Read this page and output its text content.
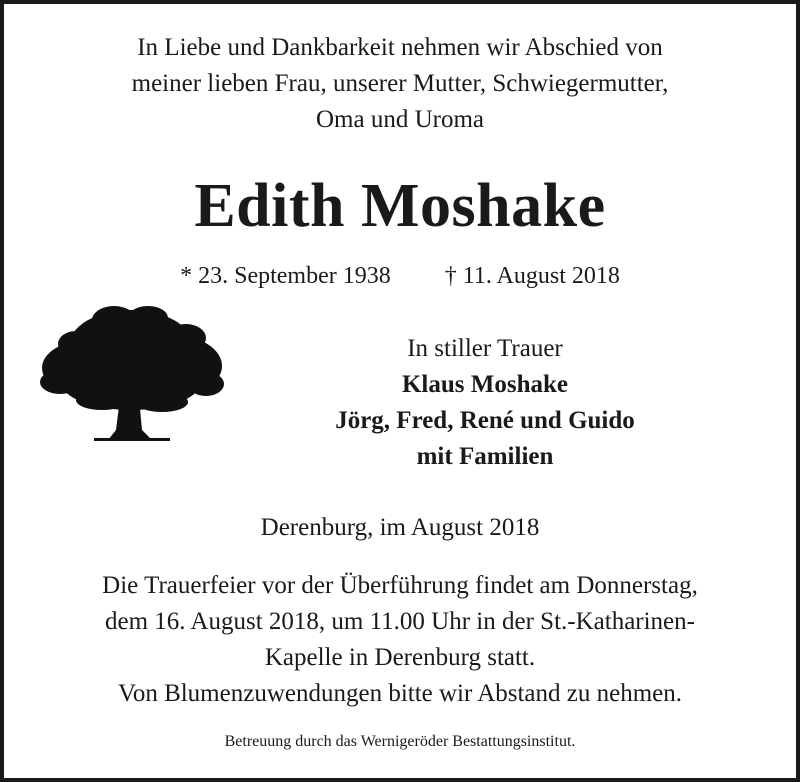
In Liebe und Dankbarkeit nehmen wir Abschied von
meiner lieben Frau, unserer Mutter, Schwiegermutter,
Oma und Uroma
Edith Moshake
* 23. September 1938 † 11. August 2018
In stiller Trauer
Klaus Moshake
Jörg, Fred, René und Guido
mit Familien
Derenburg, im August 2018
Die Trauerfeier vor der Überführung findet am Donnerstag,
dem 16. August 2018, um 11.00 Uhr in der St.-Katharinen-
Kapelle in Derenburg statt.
Von Blumenzuwendungen bitte wir Abstand zu nehmen.
Betreuung durch das Wernigeröder Bestattungsinstitut.
